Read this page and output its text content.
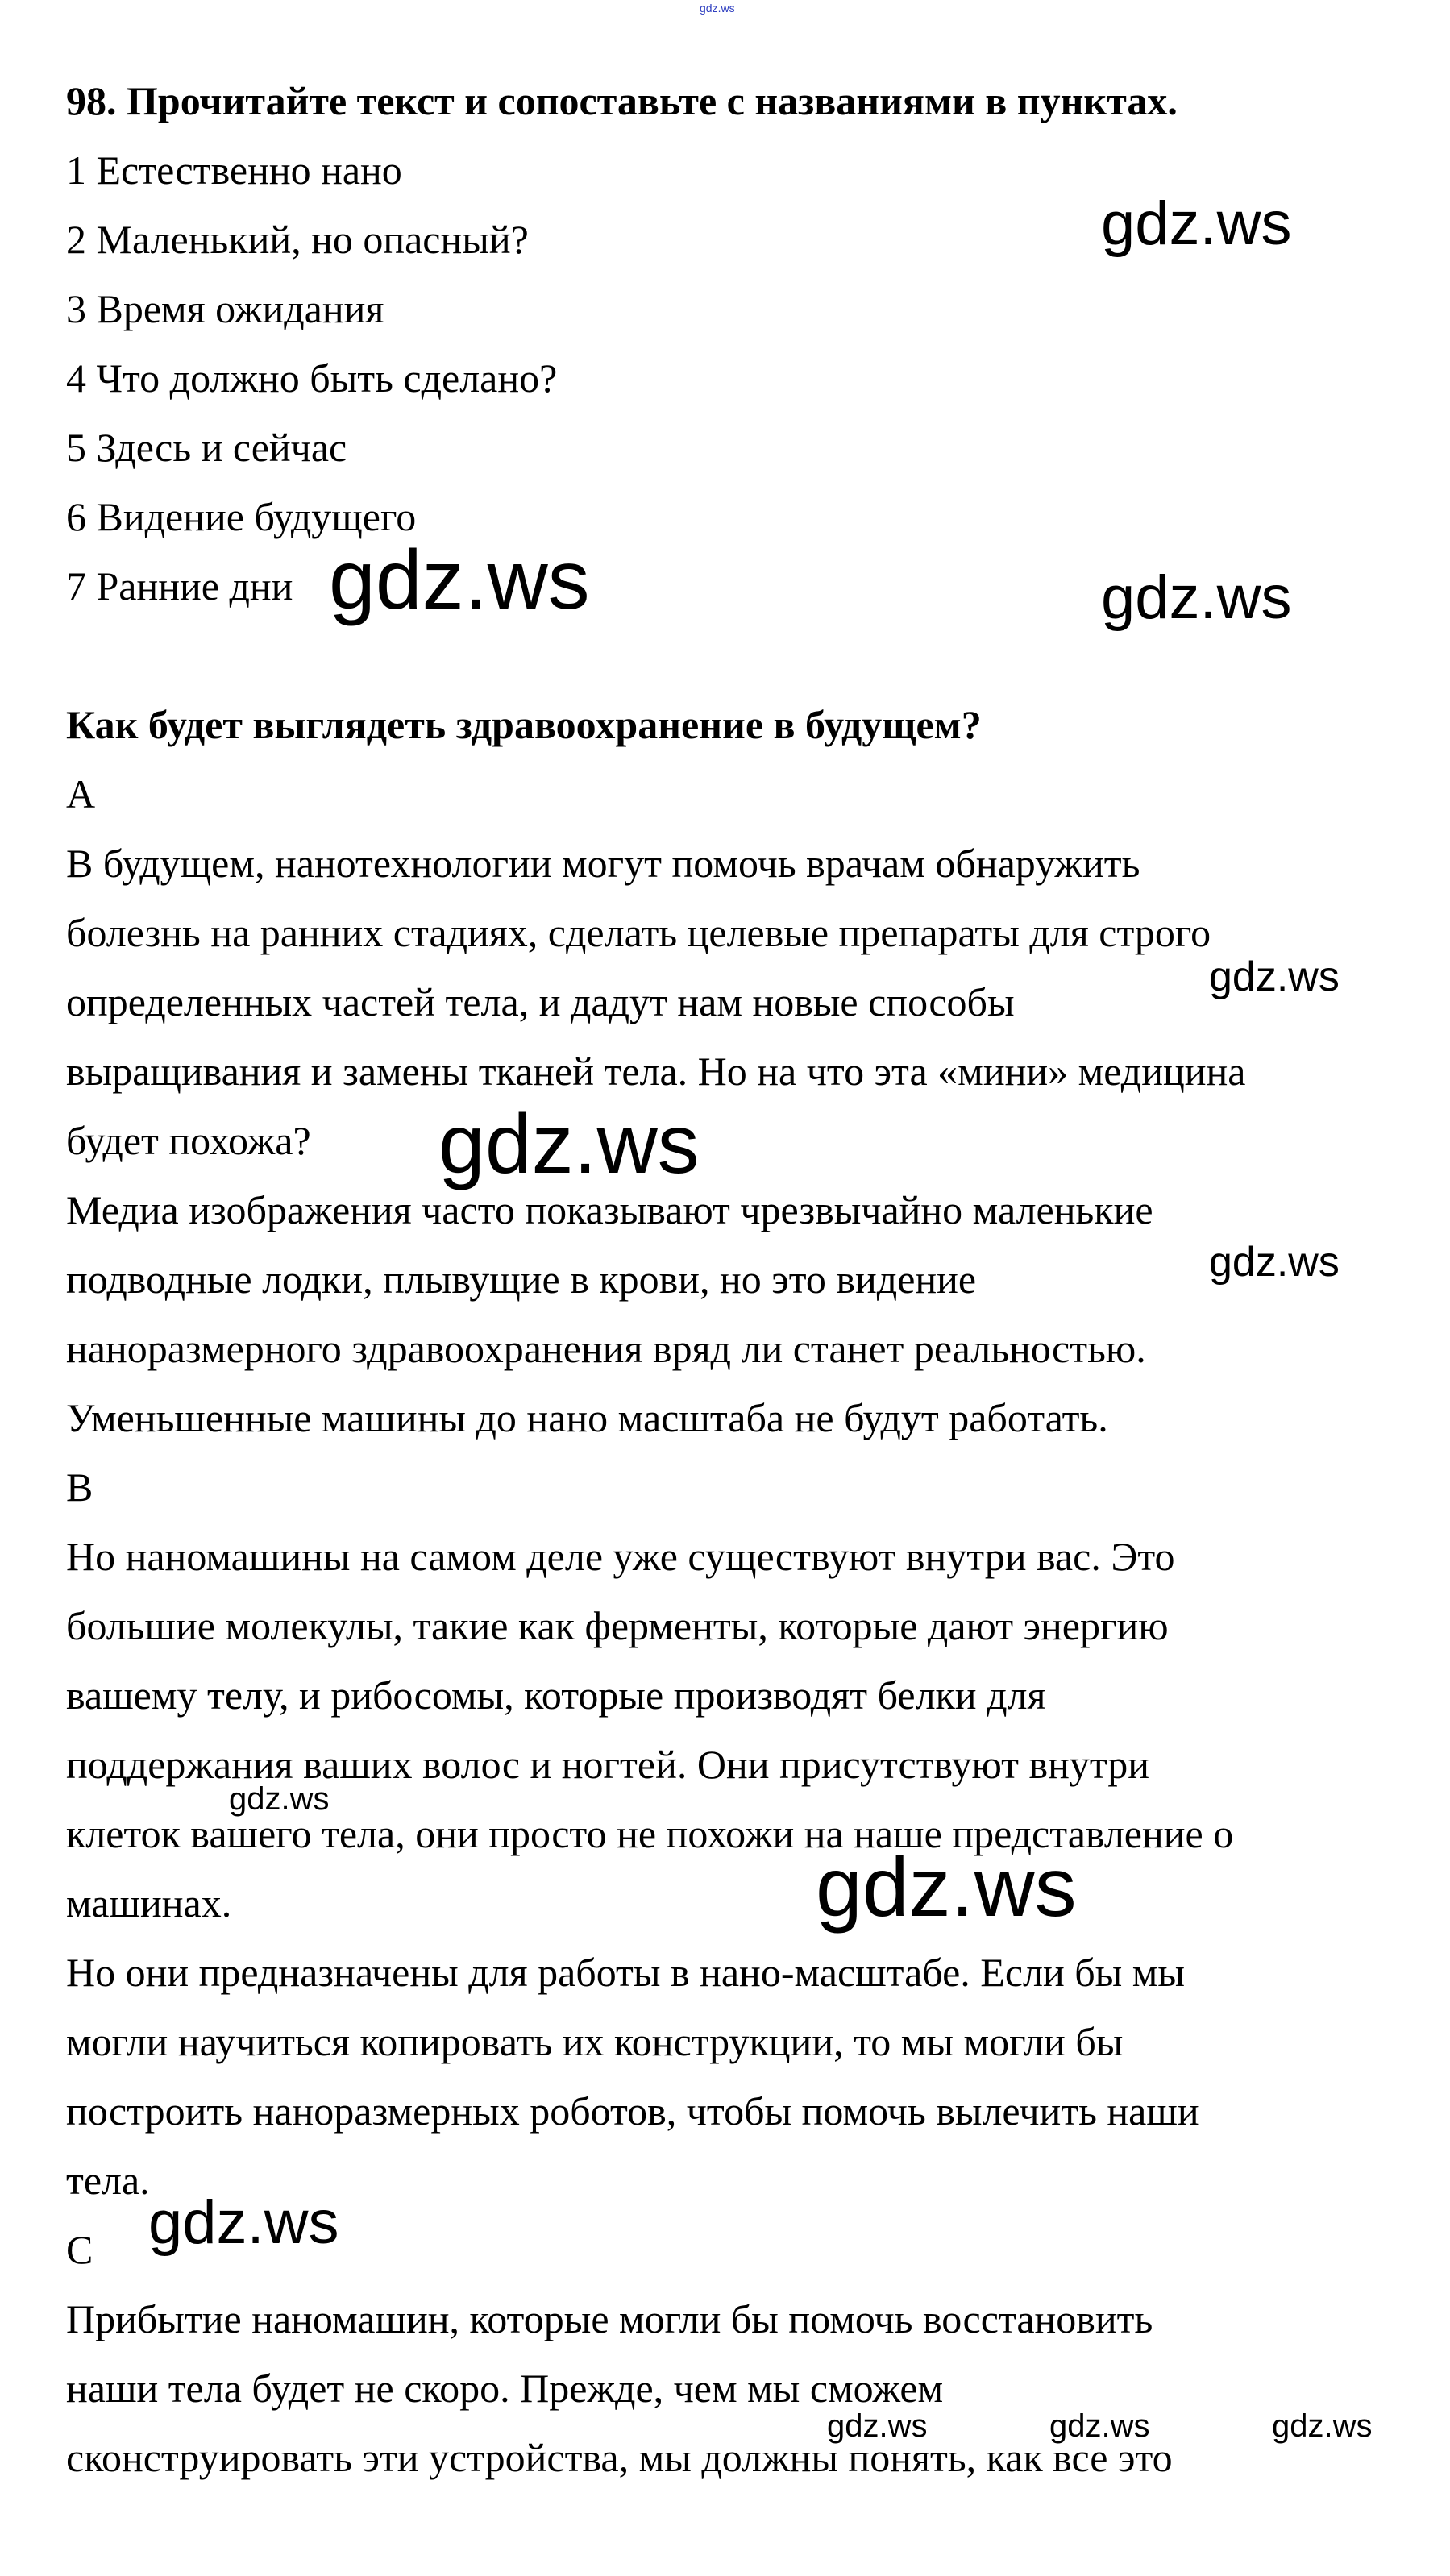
gdz.ws
98. Прочитайте текст и сопоставьте с названиями в пунктах.
1 Естественно нано
2 Маленький, но опасный?
3 Время ожидания
4 Что должно быть сделано?
5 Здесь и сейчас
6 Видение будущего
7 Ранние дни
Как будет выглядеть здравоохранение в будущем?
A
В будущем, нанотехнологии могут помочь врачам обнаружить
болезнь на ранних стадиях, сделать целевые препараты для строго
определенных частей тела, и дадут нам новые способы
выращивания и замены тканей тела. Но на что эта «мини» медицина
будет похожа?
Медиа изображения часто показывают чрезвычайно маленькие
подводные лодки, плывущие в крови, но это видение
наноразмерного здравоохранения вряд ли станет реальностью.
Уменьшенные машины до нано масштаба не будут работать.
B
Но наномашины на самом деле уже существуют внутри вас. Это
большие молекулы, такие как ферменты, которые дают энергию
вашему телу, и рибосомы, которые производят белки для
поддержания ваших волос и ногтей. Они присутствуют внутри
клеток вашего тела, они просто не похожи на наше представление о
машинах.
Но они предназначены для работы в нано-масштабе. Если бы мы
могли научиться копировать их конструкции, то мы могли бы
построить наноразмерных роботов, чтобы помочь вылечить наши
тела.
C
Прибытие наномашин, которые могли бы помочь восстановить
наши тела будет не скоро. Прежде, чем мы сможем
сконструировать эти устройства, мы должны понять, как все это
gdz.ws
gdz.ws	gdz.ws
gdz.ws
gdz.ws
gdz.ws
gdz.ws
gdz.ws
gdz.ws
gdz.ws	gdz.ws	gdz.ws
